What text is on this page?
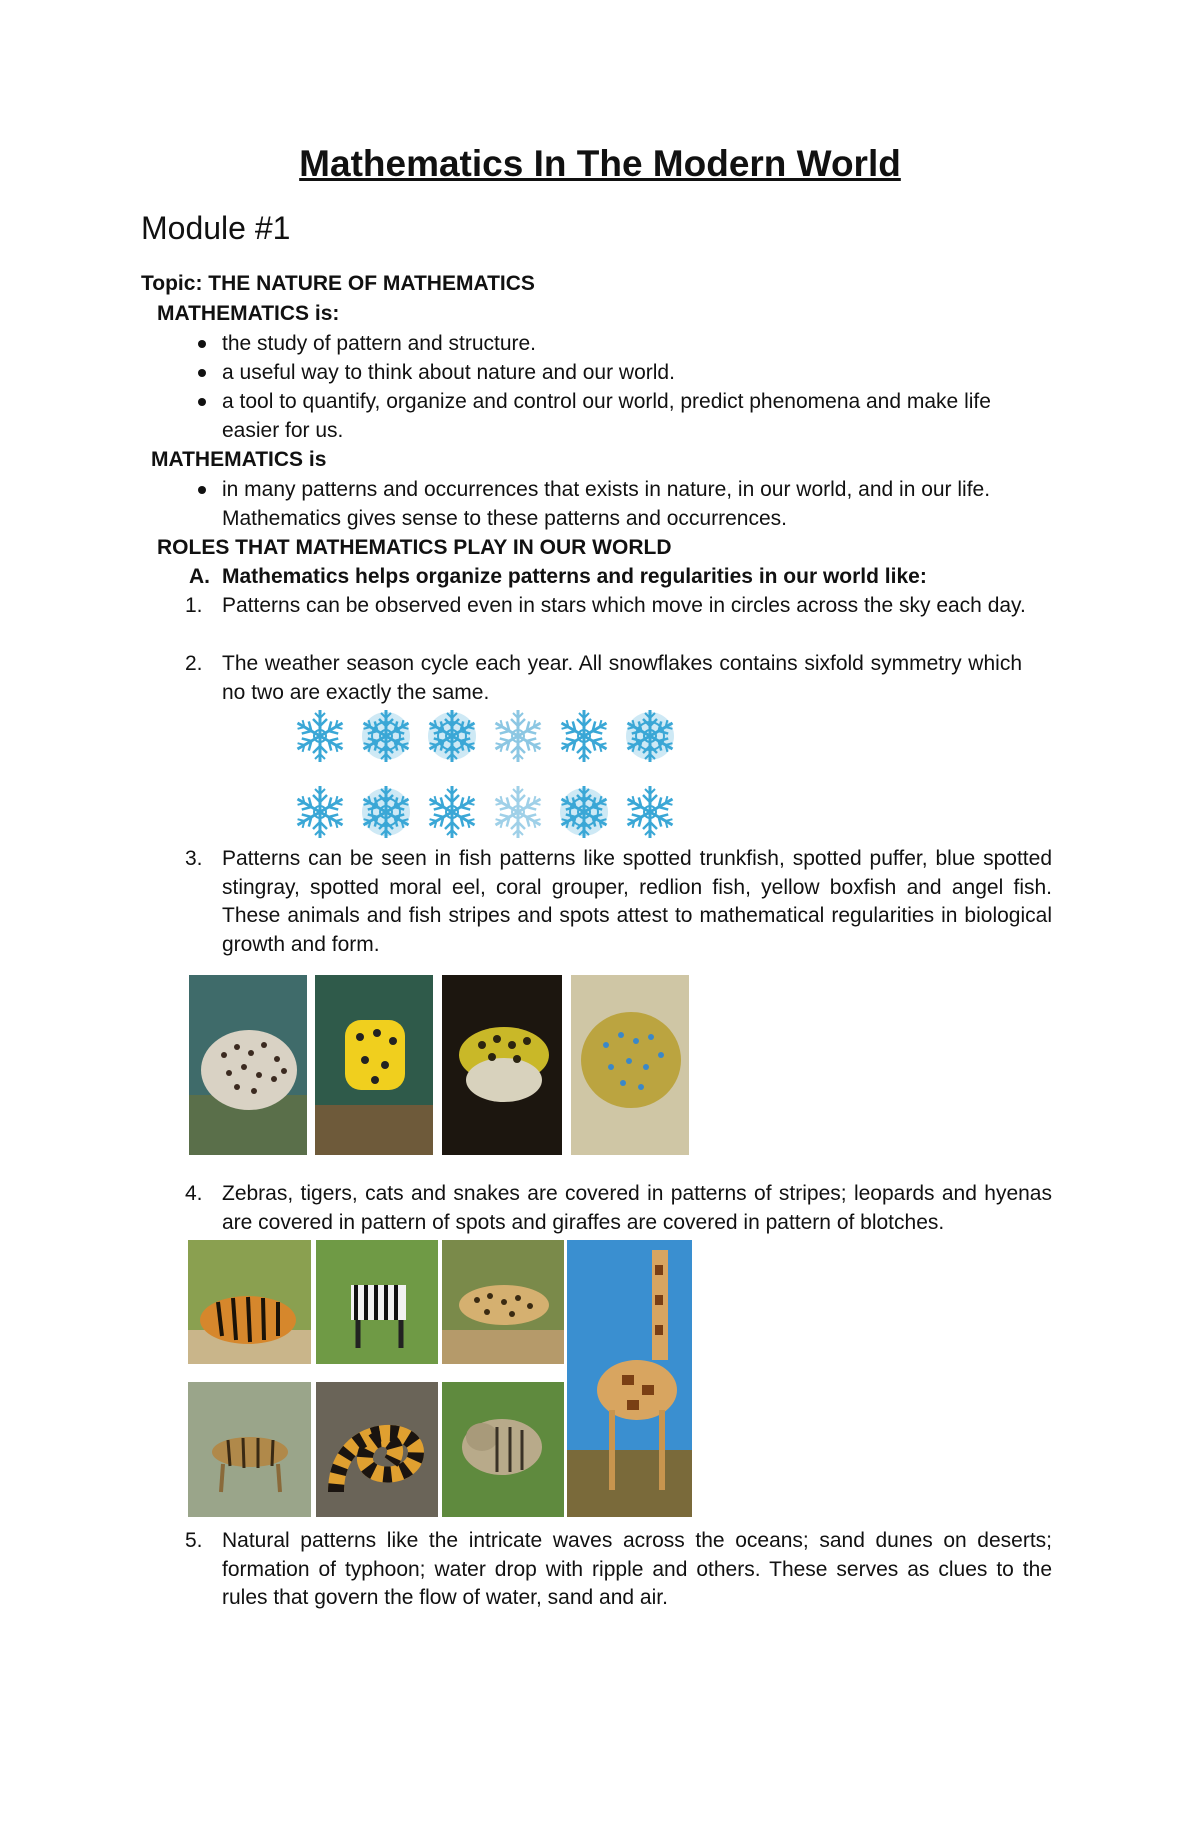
Mathematics In The Modern World
Module #1
Topic: THE NATURE OF MATHEMATICS
MATHEMATICS is:
the study of pattern and structure.
a useful way to think about nature and our world.
a tool to quantify, organize and control our world, predict phenomena and make life
easier for us.
MATHEMATICS is
in many patterns and occurrences that exists in nature, in our world, and in our life.
Mathematics gives sense to these patterns and occurrences.
ROLES THAT MATHEMATICS PLAY IN OUR WORLD
A. Mathematics helps organize patterns and regularities in our world like:
1. Patterns can be observed even in stars which move in circles across the sky each day.

2. The weather season cycle each year. All snowflakes contains sixfold symmetry which no two are exactly the same.

3. Patterns can be seen in fish patterns like spotted trunkfish, spotted puffer, blue spotted stingray, spotted moral eel, coral grouper, redlion fish, yellow boxfish and angel fish. These animals and fish stripes and spots attest to mathematical regularities in biological growth and form.

4. Zebras, tigers, cats and snakes are covered in patterns of stripes; leopards and hyenas are covered in pattern of spots and giraffes are covered in pattern of blotches.

5. Natural patterns like the intricate waves across the oceans; sand dunes on deserts; formation of typhoon; water drop with ripple and others. These serves as clues to the rules that govern the flow of water, sand and air.
